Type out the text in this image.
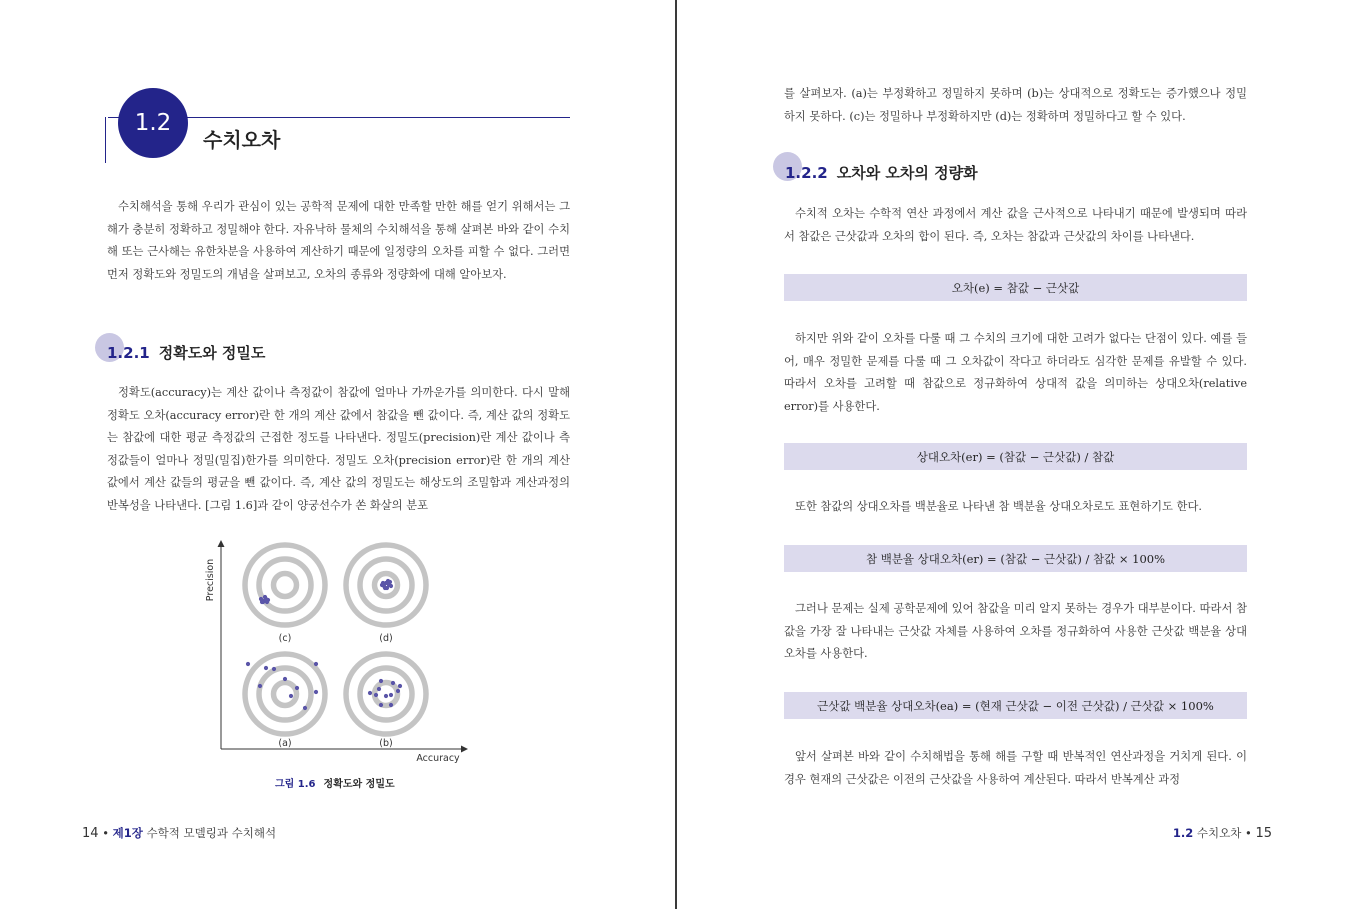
1.2
수치오차

수치해석을 통해 우리가 관심이 있는 공학적 문제에 대한 만족할 만한 해를 얻기 위해서는 그 해가 충분히 정확하고 정밀해야 한다. 자유낙하 물체의 수치해석을 통해 살펴본 바와 같이 수치해 또는 근사해는 유한차분을 사용하여 계산하기 때문에 일정량의 오차를 피할 수 없다. 그러면 먼저 정확도와 정밀도의 개념을 살펴보고, 오차의 종류와 정량화에 대해 알아보자.

1.2.1 정확도와 정밀도

정확도(accuracy)는 계산 값이나 측정값이 참값에 얼마나 가까운가를 의미한다. 다시 말해 정확도 오차(accuracy error)란 한 개의 계산 값에서 참값을 뺀 값이다. 즉, 계산 값의 정확도는 참값에 대한 평균 측정값의 근접한 정도를 나타낸다. 정밀도(precision)란 계산 값이나 측정값들이 얼마나 정밀(밀집)한가를 의미한다. 정밀도 오차(precision error)란 한 개의 계산 값에서 계산 값들의 평균을 뺀 값이다. 즉, 계산 값의 정밀도는 해상도의 조밀함과 계산과정의 반복성을 나타낸다. [그림 1.6]과 같이 양궁선수가 쏜 화살의 분포

Precision
Accuracy
(c)	(d)
(a)	(b)
그림 1.6 정확도와 정밀도
14 • 제1장 수학적 모델링과 수치해석

를 살펴보자. (a)는 부정확하고 정밀하지 못하며 (b)는 상대적으로 정확도는 증가했으나 정밀하지 못하다. (c)는 정밀하나 부정확하지만 (d)는 정확하며 정밀하다고 할 수 있다.

1.2.2 오차와 오차의 정량화

수치적 오차는 수학적 연산 과정에서 계산 값을 근사적으로 나타내기 때문에 발생되며 따라서 참값은 근삿값과 오차의 합이 된다. 즉, 오차는 참값과 근삿값의 차이를 나타낸다.

오차(e) = 참값 − 근삿값

하지만 위와 같이 오차를 다룰 때 그 수치의 크기에 대한 고려가 없다는 단점이 있다. 예를 들어, 매우 정밀한 문제를 다룰 때 그 오차값이 작다고 하더라도 심각한 문제를 유발할 수 있다. 따라서 오차를 고려할 때 참값으로 정규화하여 상대적 값을 의미하는 상대오차(relative error)를 사용한다.

상대오차(er) = (참값 − 근삿값) / 참값

또한 참값의 상대오차를 백분율로 나타낸 참 백분율 상대오차로도 표현하기도 한다.

참 백분율 상대오차(er) = (참값 − 근삿값) / 참값 × 100%

그러나 문제는 실제 공학문제에 있어 참값을 미리 알지 못하는 경우가 대부분이다. 따라서 참값을 가장 잘 나타내는 근삿값 자체를 사용하여 오차를 정규화하여 사용한 근삿값 백분율 상대오차를 사용한다.

근삿값 백분율 상대오차(ea) = (현재 근삿값 − 이전 근삿값) / 근삿값 × 100%

앞서 살펴본 바와 같이 수치해법을 통해 해를 구할 때 반복적인 연산과정을 거치게 된다. 이 경우 현재의 근삿값은 이전의 근삿값을 사용하여 계산된다. 따라서 반복계산 과정

1.2 수치오차 • 15
